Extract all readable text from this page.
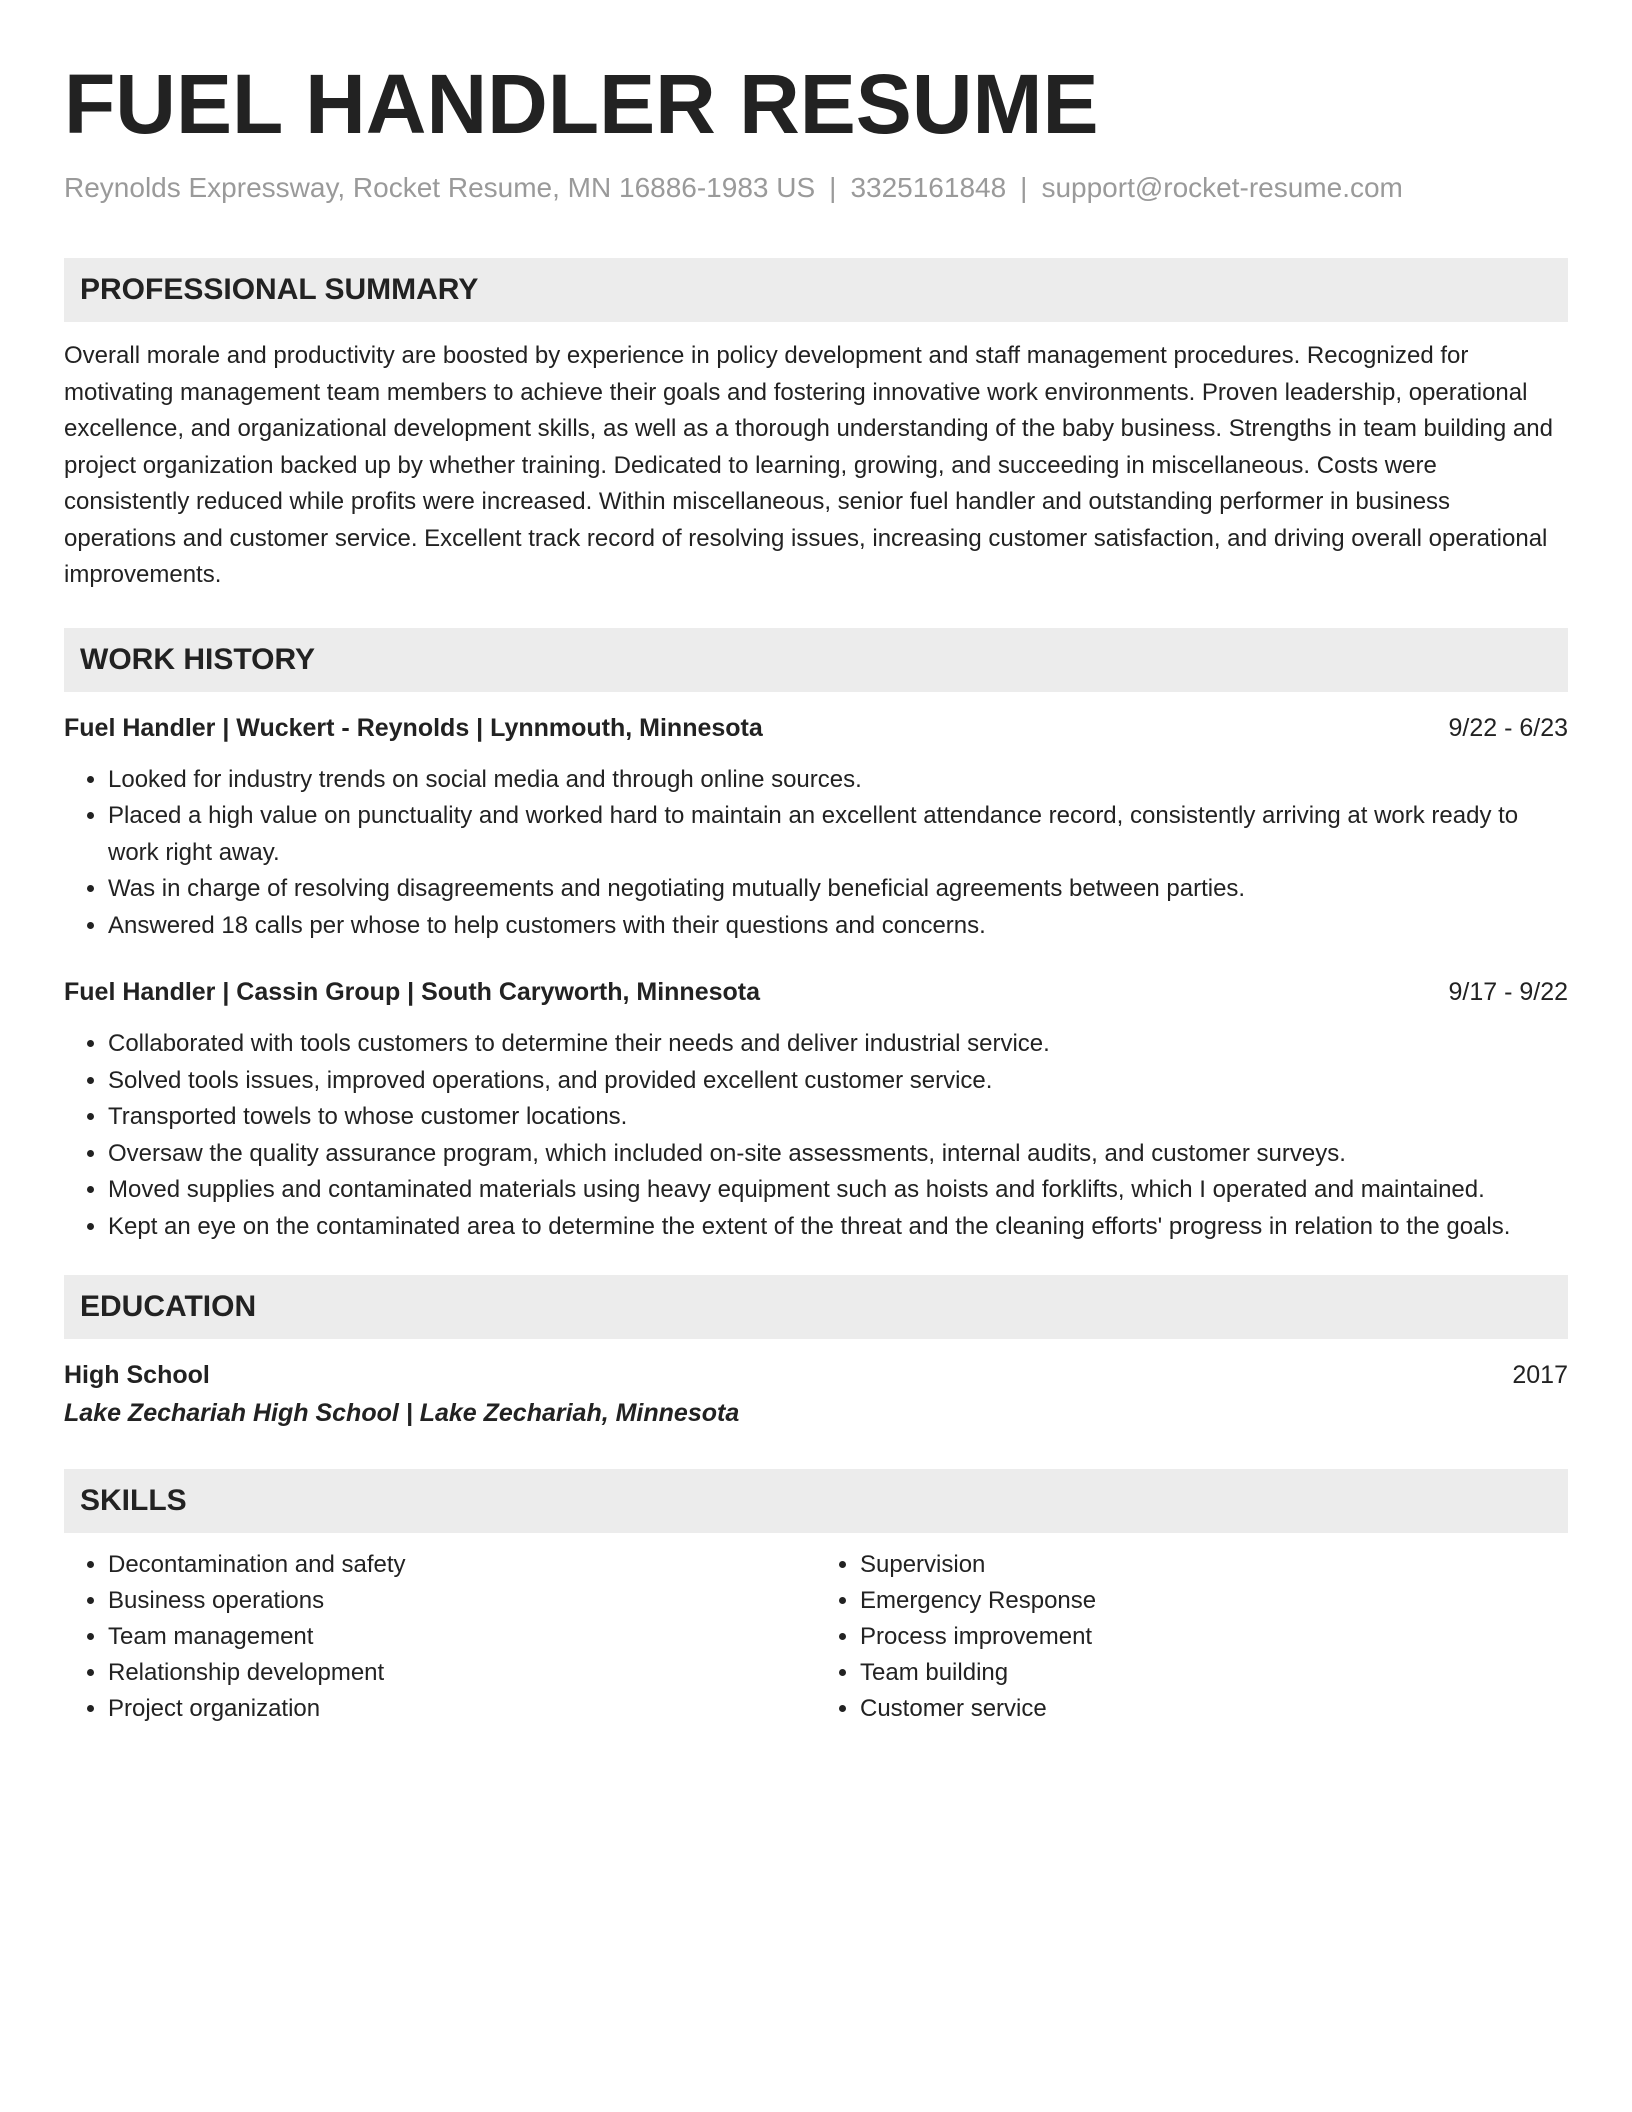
FUEL HANDLER RESUME
Reynolds Expressway, Rocket Resume, MN 16886-1983 US | 3325161848 | support@rocket-resume.com
PROFESSIONAL SUMMARY
Overall morale and productivity are boosted by experience in policy development and staff management procedures. Recognized for motivating management team members to achieve their goals and fostering innovative work environments. Proven leadership, operational excellence, and organizational development skills, as well as a thorough understanding of the baby business. Strengths in team building and project organization backed up by whether training. Dedicated to learning, growing, and succeeding in miscellaneous. Costs were consistently reduced while profits were increased. Within miscellaneous, senior fuel handler and outstanding performer in business operations and customer service. Excellent track record of resolving issues, increasing customer satisfaction, and driving overall operational improvements.
WORK HISTORY
Fuel Handler | Wuckert - Reynolds | Lynnmouth, Minnesota	9/22 - 6/23
• Looked for industry trends on social media and through online sources.
• Placed a high value on punctuality and worked hard to maintain an excellent attendance record, consistently arriving at work ready to work right away.
• Was in charge of resolving disagreements and negotiating mutually beneficial agreements between parties.
• Answered 18 calls per whose to help customers with their questions and concerns.
Fuel Handler | Cassin Group | South Caryworth, Minnesota	9/17 - 9/22
• Collaborated with tools customers to determine their needs and deliver industrial service.
• Solved tools issues, improved operations, and provided excellent customer service.
• Transported towels to whose customer locations.
• Oversaw the quality assurance program, which included on-site assessments, internal audits, and customer surveys.
• Moved supplies and contaminated materials using heavy equipment such as hoists and forklifts, which I operated and maintained.
• Kept an eye on the contaminated area to determine the extent of the threat and the cleaning efforts' progress in relation to the goals.
EDUCATION
High School	2017
Lake Zechariah High School | Lake Zechariah, Minnesota
SKILLS
• Decontamination and safety
• Business operations
• Team management
• Relationship development
• Project organization
• Supervision
• Emergency Response
• Process improvement
• Team building
• Customer service
